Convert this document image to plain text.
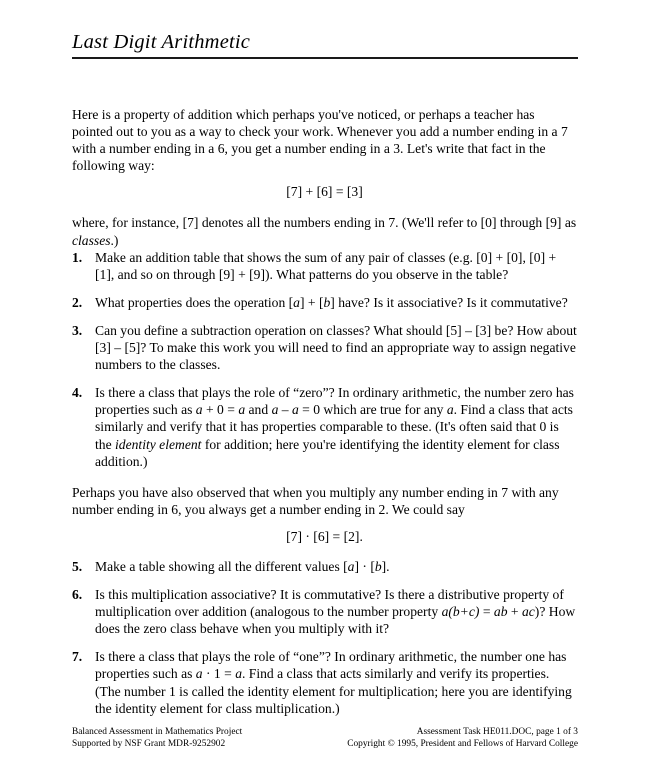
Last Digit Arithmetic

Here is a property of addition which perhaps you've noticed, or perhaps a teacher has pointed out to you as a way to check your work. Whenever you add a number ending in a 7 with a number ending in a 6, you get a number ending in a 3. Let's write that fact in the following way:

[7] + [6] = [3]

where, for instance, [7] denotes all the numbers ending in 7. (We'll refer to [0] through [9] as classes.)

1. Make an addition table that shows the sum of any pair of classes (e.g. [0] + [0], [0] + [1], and so on through [9] + [9]). What patterns do you observe in the table?
2. What properties does the operation [a] + [b] have? Is it associative? Is it commutative?
3. Can you define a subtraction operation on classes? What should [5] – [3] be? How about [3] – [5]? To make this work you will need to find an appropriate way to assign negative numbers to the classes.
4. Is there a class that plays the role of “zero”? In ordinary arithmetic, the number zero has properties such as a + 0 = a and a – a = 0 which are true for any a. Find a class that acts similarly and verify that it has properties comparable to these. (It's often said that 0 is the identity element for addition; here you're identifying the identity element for class addition.)

Perhaps you have also observed that when you multiply any number ending in 7 with any number ending in 6, you always get a number ending in 2. We could say

[7] · [6] = [2].
5. Make a table showing all the different values [a] · [b].
6. Is this multiplication associative? It is commutative? Is there a distributive property of multiplication over addition (analogous to the number property a(b+c) = ab + ac)? How does the zero class behave when you multiply with it?
7. Is there a class that plays the role of “one”? In ordinary arithmetic, the number one has properties such as a · 1 = a. Find a class that acts similarly and verify its properties. (The number 1 is called the identity element for multiplication; here you are identifying the identity element for class multiplication.)
Balanced Assessment in Mathematics Project
Supported by NSF Grant MDR-9252902
Assessment Task HE011.DOC, page 1 of 3
Copyright © 1995, President and Fellows of Harvard College
